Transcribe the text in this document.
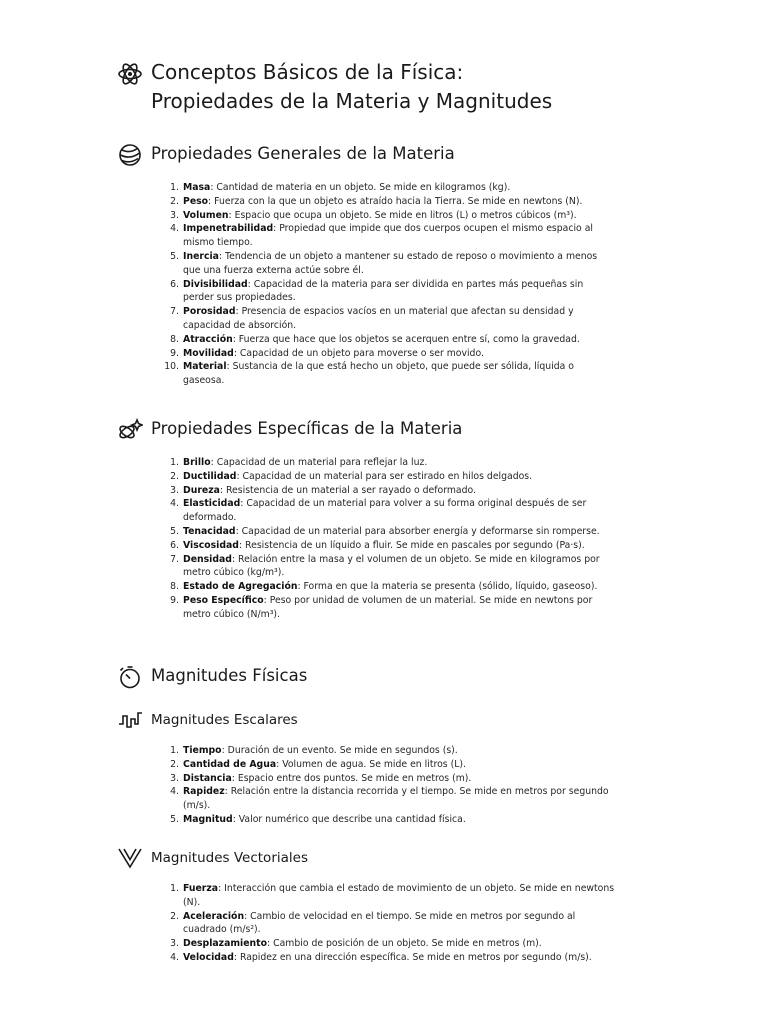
Conceptos Básicos de la Física:
Propiedades de la Materia y Magnitudes
Propiedades Generales de la Materia
1. Masa: Cantidad de materia en un objeto. Se mide en kilogramos (kg).
2. Peso: Fuerza con la que un objeto es atraído hacia la Tierra. Se mide en newtons (N).
3. Volumen: Espacio que ocupa un objeto. Se mide en litros (L) o metros cúbicos (m³).
4. Impenetrabilidad: Propiedad que impide que dos cuerpos ocupen el mismo espacio al mismo tiempo.
5. Inercia: Tendencia de un objeto a mantener su estado de reposo o movimiento a menos que una fuerza externa actúe sobre él.
6. Divisibilidad: Capacidad de la materia para ser dividida en partes más pequeñas sin perder sus propiedades.
7. Porosidad: Presencia de espacios vacíos en un material que afectan su densidad y capacidad de absorción.
8. Atracción: Fuerza que hace que los objetos se acerquen entre sí, como la gravedad.
9. Movilidad: Capacidad de un objeto para moverse o ser movido.
10. Material: Sustancia de la que está hecho un objeto, que puede ser sólida, líquida o gaseosa.
Propiedades Específicas de la Materia
1. Brillo: Capacidad de un material para reflejar la luz.
2. Ductilidad: Capacidad de un material para ser estirado en hilos delgados.
3. Dureza: Resistencia de un material a ser rayado o deformado.
4. Elasticidad: Capacidad de un material para volver a su forma original después de ser deformado.
5. Tenacidad: Capacidad de un material para absorber energía y deformarse sin romperse.
6. Viscosidad: Resistencia de un líquido a fluir. Se mide en pascales por segundo (Pa·s).
7. Densidad: Relación entre la masa y el volumen de un objeto. Se mide en kilogramos por metro cúbico (kg/m³).
8. Estado de Agregación: Forma en que la materia se presenta (sólido, líquido, gaseoso).
9. Peso Específico: Peso por unidad de volumen de un material. Se mide en newtons por metro cúbico (N/m³).
Magnitudes Físicas
Magnitudes Escalares
1. Tiempo: Duración de un evento. Se mide en segundos (s).
2. Cantidad de Agua: Volumen de agua. Se mide en litros (L).
3. Distancia: Espacio entre dos puntos. Se mide en metros (m).
4. Rapidez: Relación entre la distancia recorrida y el tiempo. Se mide en metros por segundo (m/s).
5. Magnitud: Valor numérico que describe una cantidad física.
Magnitudes Vectoriales
1. Fuerza: Interacción que cambia el estado de movimiento de un objeto. Se mide en newtons (N).
2. Aceleración: Cambio de velocidad en el tiempo. Se mide en metros por segundo al cuadrado (m/s²).
3. Desplazamiento: Cambio de posición de un objeto. Se mide en metros (m).
4. Velocidad: Rapidez en una dirección específica. Se mide en metros por segundo (m/s).
